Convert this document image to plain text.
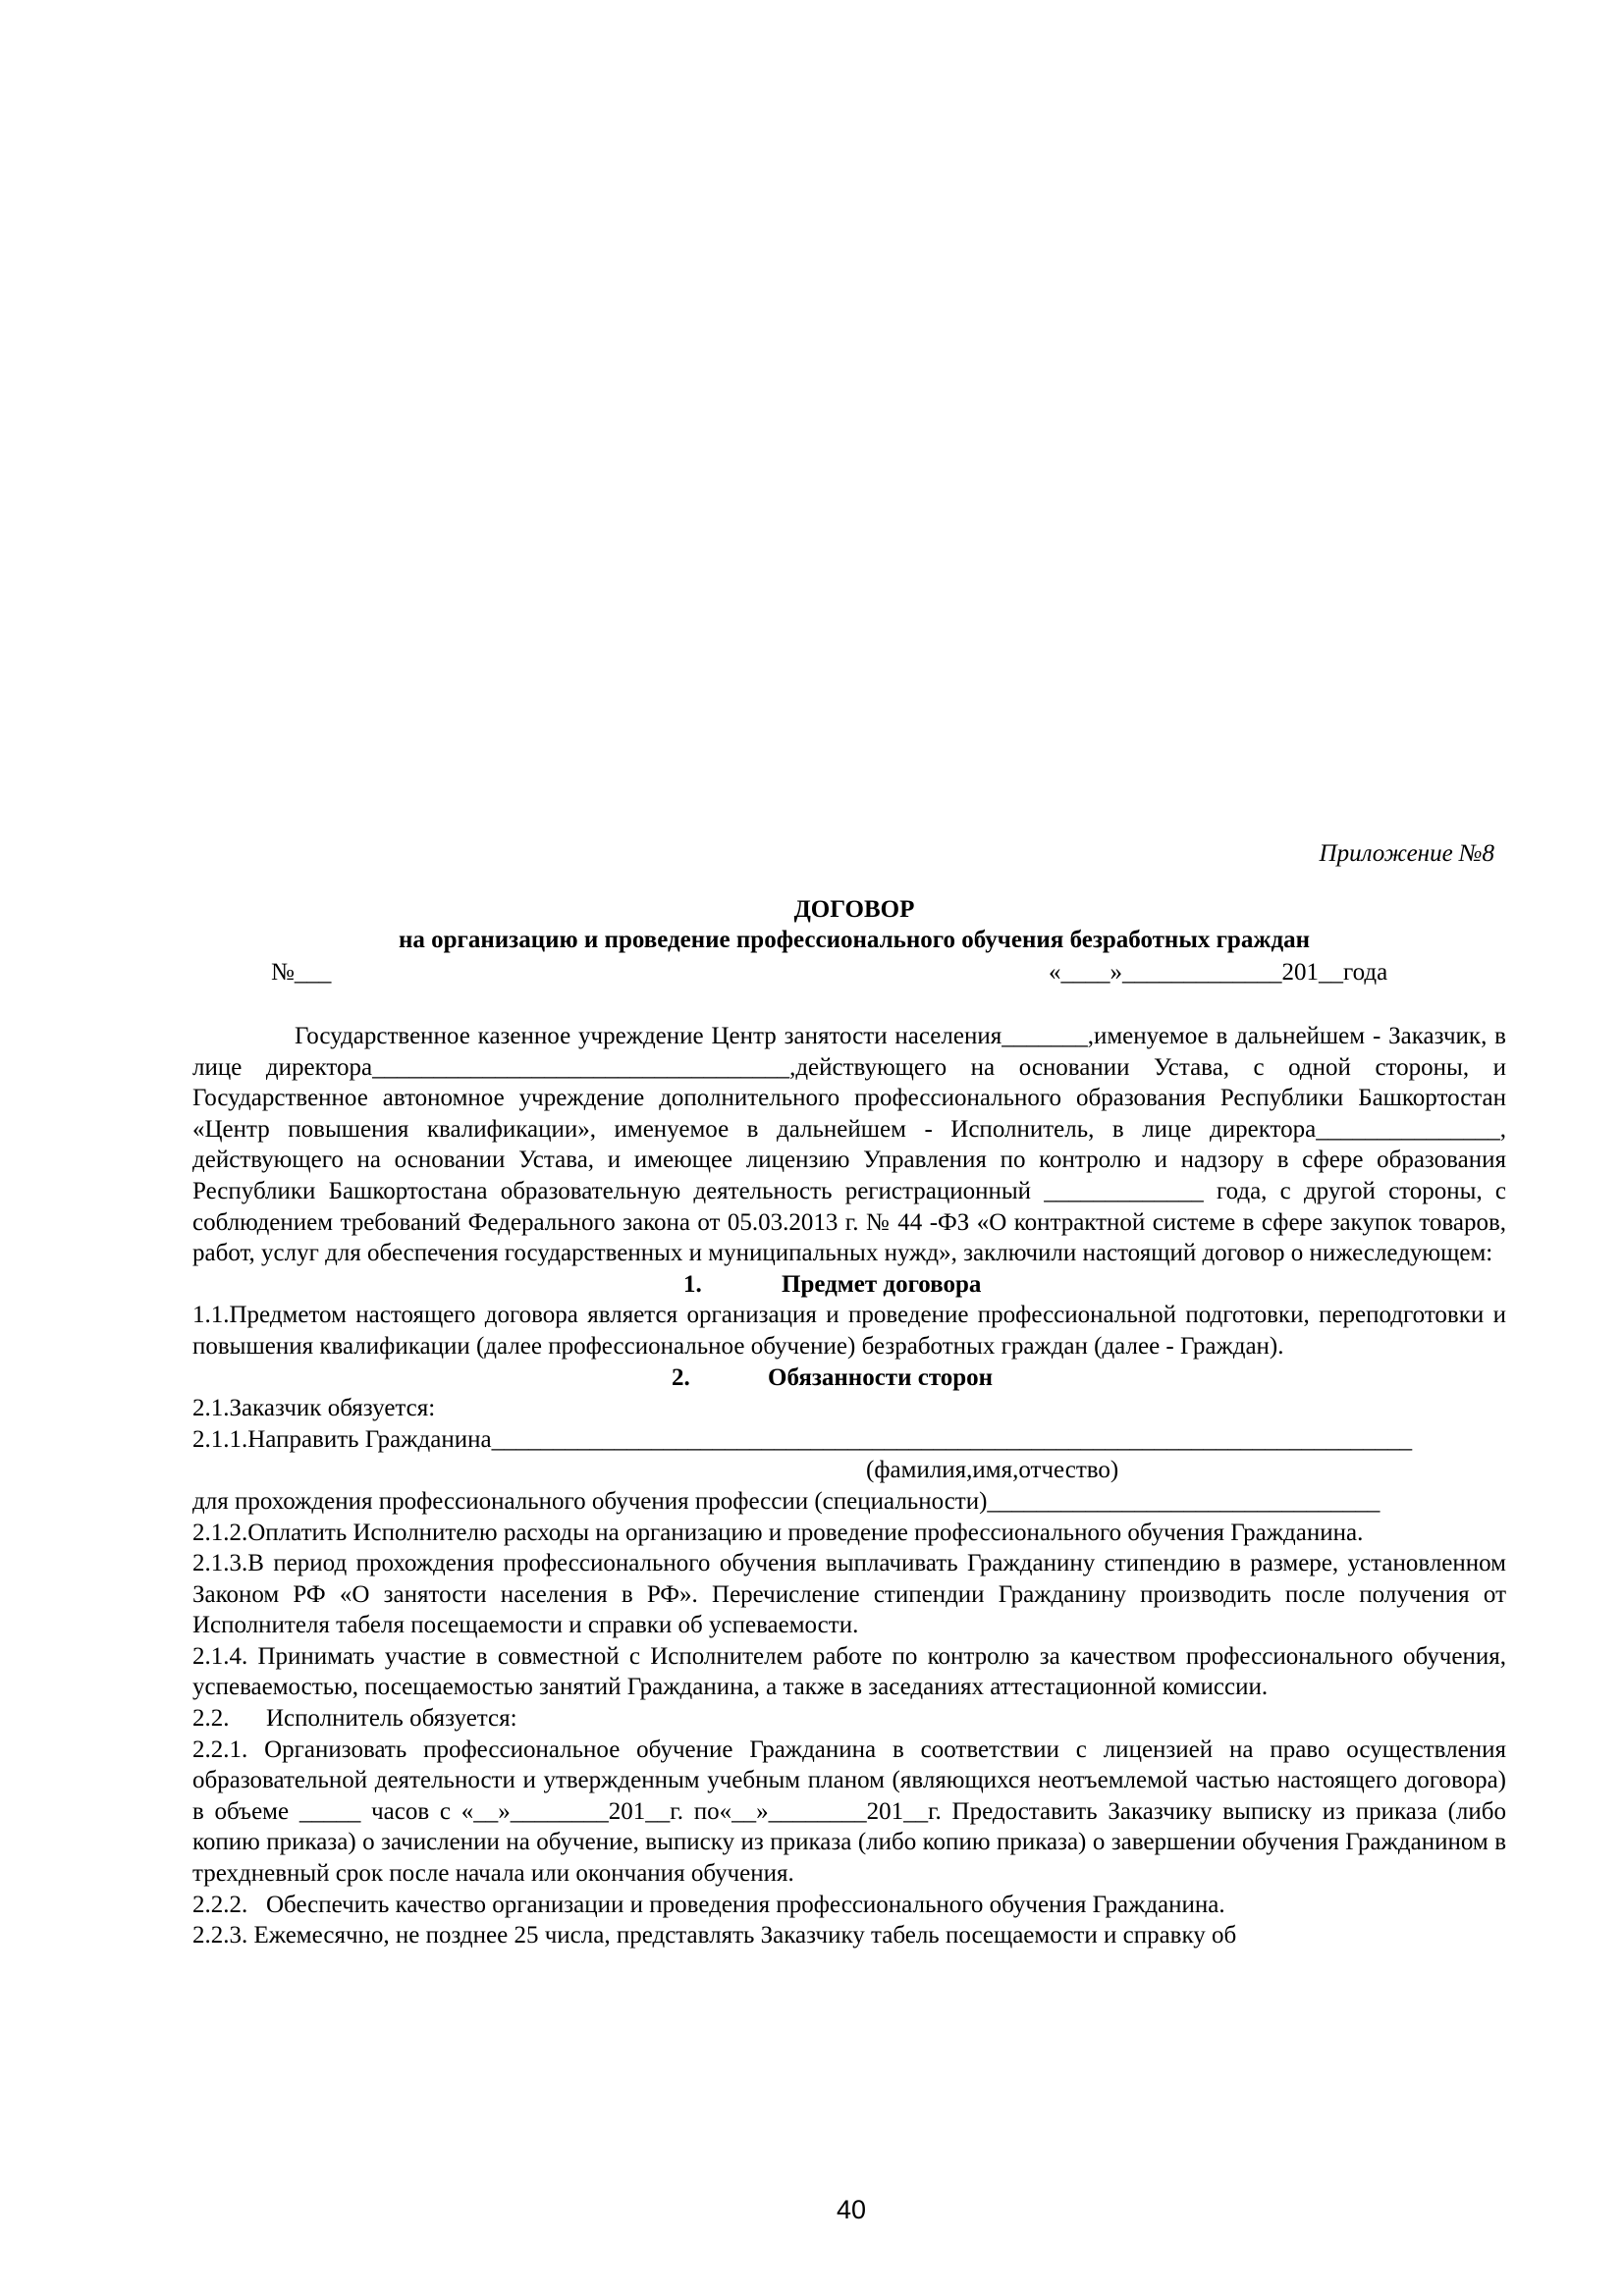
Приложение №8
ДОГОВОР
на организацию и проведение профессионального обучения безработных граждан
№___	«____»_____________201__года

Государственное казенное учреждение Центр занятости населения_______,именуемое в дальнейшем - Заказчик, в лице директора__________________________________,действующего на основании Устава, с одной стороны, и Государственное автономное учреждение дополнительного профессионального образования Республики Башкортостан «Центр повышения квалификации», именуемое в дальнейшем - Исполнитель, в лице директора_______________, действующего на основании Устава, и имеющее лицензию Управления по контролю и надзору в сфере образования Республики Башкортостана образовательную деятельность регистрационный _____________ года, с другой стороны, с соблюдением требований Федерального закона от 05.03.2013 г. № 44 -ФЗ «О контрактной системе в сфере закупок товаров, работ, услуг для обеспечения государственных и муниципальных нужд», заключили настоящий договор о нижеследующем:

1.	Предмет договора

1.1.Предметом настоящего договора является организация и проведение профессиональной подготовки, переподготовки и повышения квалификации (далее профессиональное обучение) безработных граждан (далее - Граждан).

2.	Обязанности сторон

2.1.Заказчик обязуется:

2.1.1.Направить Гражданина___________________________________________________________________________

(фамилия,имя,отчество)

для прохождения профессионального обучения профессии (специальности)________________________________

2.1.2.Оплатить Исполнителю расходы на организацию и проведение профессионального обучения Гражданина.

2.1.3.В период прохождения профессионального обучения выплачивать Гражданину стипендию в размере, установленном Законом РФ «О занятости населения в РФ». Перечисление стипендии Гражданину производить после получения от Исполнителя табеля посещаемости и справки об успеваемости.

2.1.4. Принимать участие в совместной с Исполнителем работе по контролю за качеством профессионального обучения, успеваемостью, посещаемостью занятий Гражданина, а также в заседаниях аттестационной комиссии.

2.2.      Исполнитель обязуется:

2.2.1. Организовать профессиональное обучение Гражданина в соответствии с лицензией на право осуществления образовательной деятельности и утвержденным учебным планом (являющихся неотъемлемой частью настоящего договора) в объеме _____ часов с «__»________201__г. по«__»________201__г. Предоставить Заказчику выписку из приказа (либо копию приказа) о зачислении на обучение, выписку из приказа (либо копию приказа) о завершении обучения Гражданином в трехдневный срок после начала или окончания обучения.

2.2.2.   Обеспечить качество организации и проведения профессионального обучения Гражданина.

2.2.3. Ежемесячно, не позднее 25 числа, представлять Заказчику табель посещаемости и справку об

40
